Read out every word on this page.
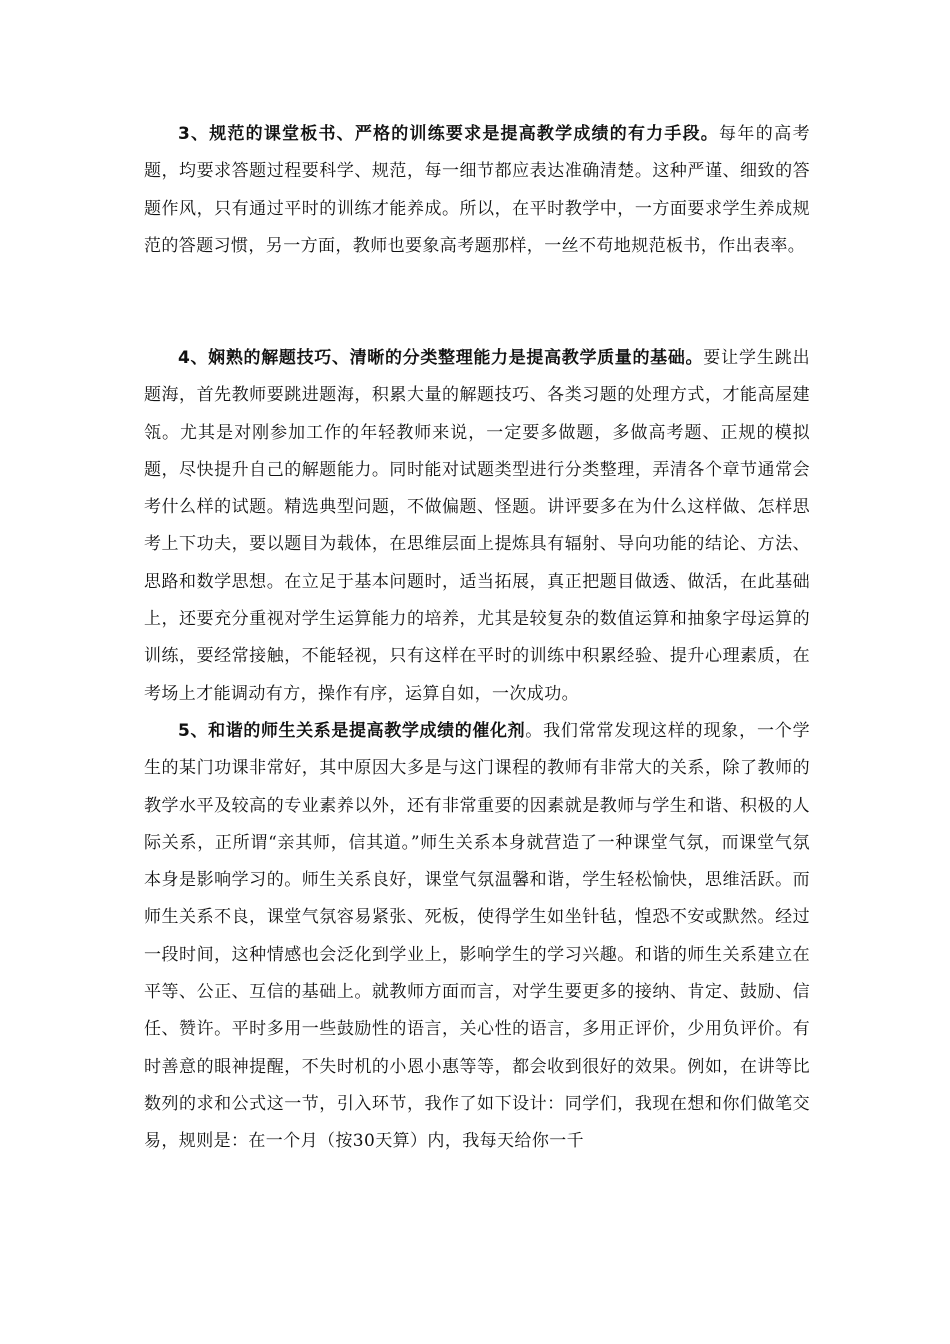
3、规范的课堂板书、严格的训练要求是提高教学成绩的有力手段。每年的高考题，均要求答题过程要科学、规范，每一细节都应表达准确清楚。这种严谨、细致的答题作风，只有通过平时的训练才能养成。所以，在平时教学中，一方面要求学生养成规范的答题习惯，另一方面，教师也要象高考题那样，一丝不苟地规范板书，作出表率。

4、娴熟的解题技巧、清晰的分类整理能力是提高教学质量的基础。要让学生跳出题海，首先教师要跳进题海，积累大量的解题技巧、各类习题的处理方式，才能高屋建瓴。尤其是对刚参加工作的年轻教师来说，一定要多做题，多做高考题、正规的模拟题，尽快提升自己的解题能力。同时能对试题类型进行分类整理，弄清各个章节通常会考什么样的试题。精选典型问题，不做偏题、怪题。讲评要多在为什么这样做、怎样思考上下功夫，要以题目为载体，在思维层面上提炼具有辐射、导向功能的结论、方法、思路和数学思想。在立足于基本问题时，适当拓展，真正把题目做透、做活，在此基础上，还要充分重视对学生运算能力的培养，尤其是较复杂的数值运算和抽象字母运算的训练，要经常接触，不能轻视，只有这样在平时的训练中积累经验、提升心理素质，在考场上才能调动有方，操作有序，运算自如，一次成功。

5、和谐的师生关系是提高教学成绩的催化剂。我们常常发现这样的现象，一个学生的某门功课非常好，其中原因大多是与这门课程的教师有非常大的关系，除了教师的教学水平及较高的专业素养以外，还有非常重要的因素就是教师与学生和谐、积极的人际关系，正所谓“亲其师，信其道。”师生关系本身就营造了一种课堂气氛，而课堂气氛本身是影响学习的。师生关系良好，课堂气氛温馨和谐，学生轻松愉快，思维活跃。而师生关系不良，课堂气氛容易紧张、死板，使得学生如坐针毡，惶恐不安或默然。经过一段时间，这种情感也会泛化到学业上，影响学生的学习兴趣。和谐的师生关系建立在平等、公正、互信的基础上。就教师方面而言，对学生要更多的接纳、肯定、鼓励、信任、赞许。平时多用一些鼓励性的语言，关心性的语言，多用正评价，少用负评价。有时善意的眼神提醒，不失时机的小恩小惠等等，都会收到很好的效果。例如，在讲等比数列的求和公式这一节，引入环节，我作了如下设计：同学们，我现在想和你们做笔交易，规则是：在一个月（按30天算）内，我每天给你一千
